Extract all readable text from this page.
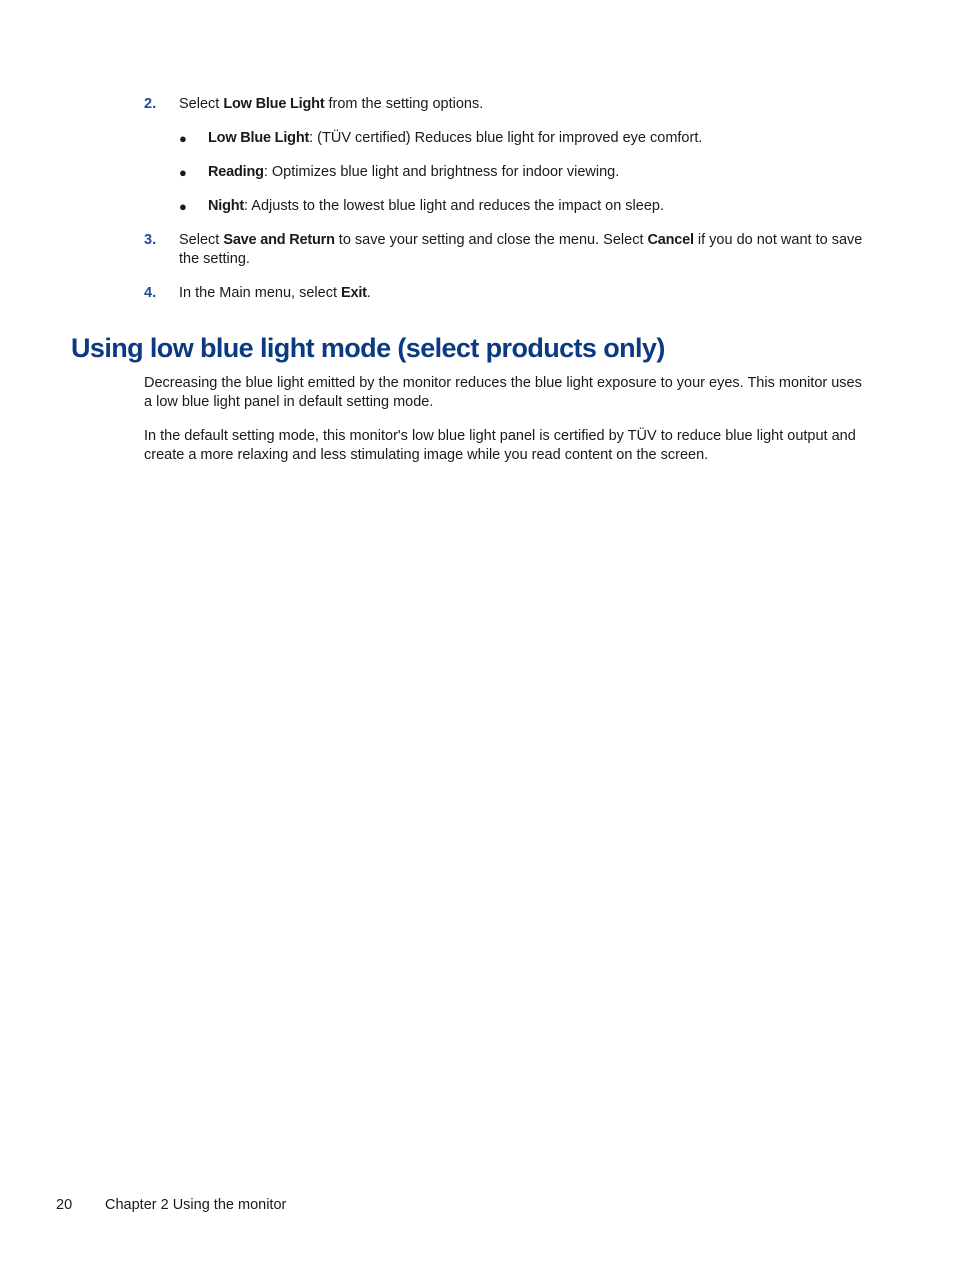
2. Select Low Blue Light from the setting options.
● Low Blue Light: (TÜV certified) Reduces blue light for improved eye comfort.
● Reading: Optimizes blue light and brightness for indoor viewing.
● Night: Adjusts to the lowest blue light and reduces the impact on sleep.
3. Select Save and Return to save your setting and close the menu. Select Cancel if you do not want to save the setting.
4. In the Main menu, select Exit.
Using low blue light mode (select products only)

Decreasing the blue light emitted by the monitor reduces the blue light exposure to your eyes. This monitor uses a low blue light panel in default setting mode.

In the default setting mode, this monitor's low blue light panel is certified by TÜV to reduce blue light output and create a more relaxing and less stimulating image while you read content on the screen.

20 Chapter 2 Using the monitor
